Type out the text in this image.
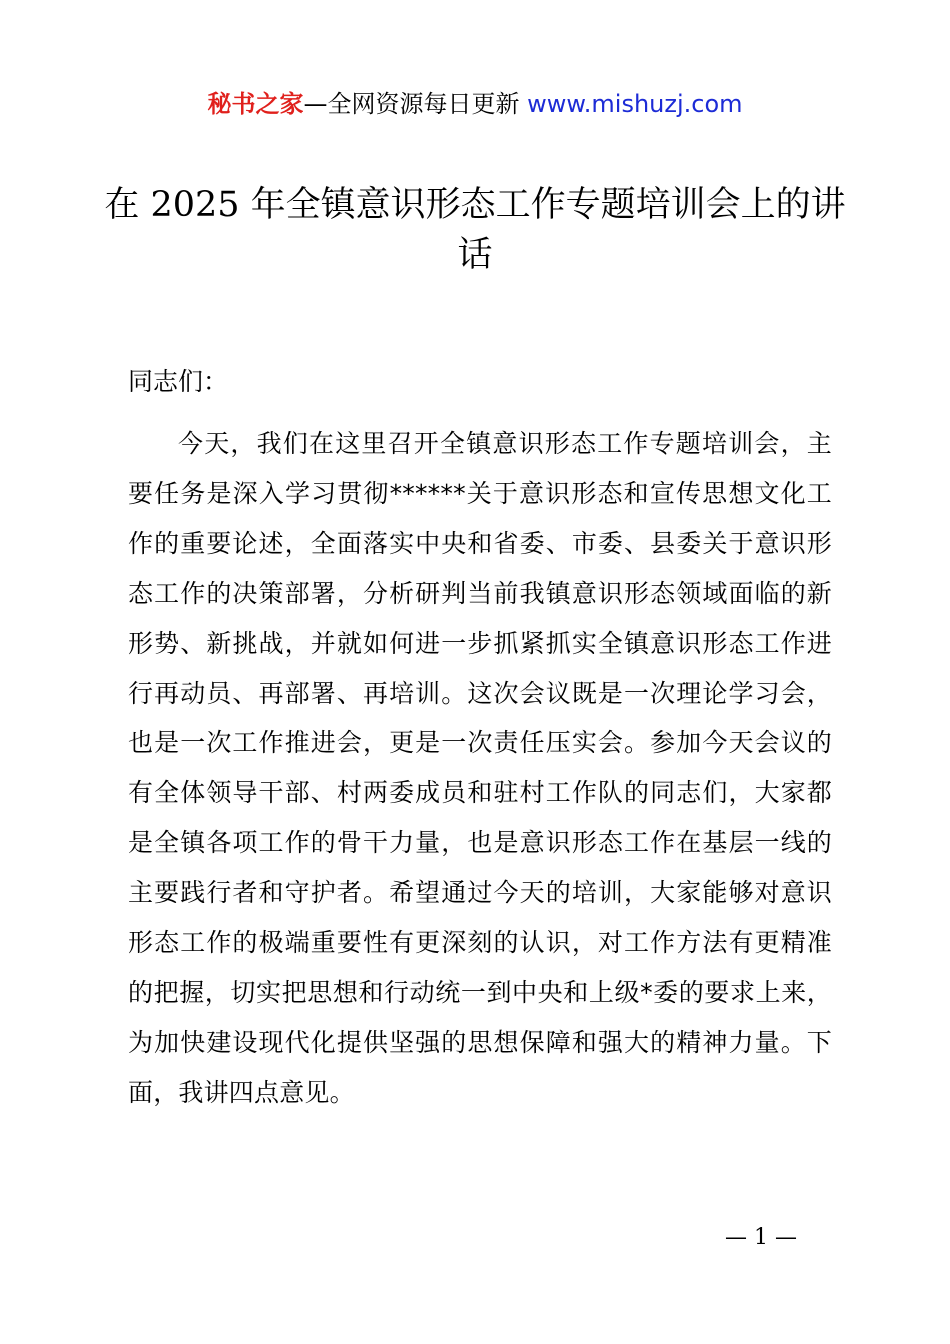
秘书之家—全网资源每日更新 www.mishuzj.com
在 2025 年全镇意识形态工作专题培训会上的讲话

同志们：

今天，我们在这里召开全镇意识形态工作专题培训会，主要任务是深入学习贯彻******关于意识形态和宣传思想文化工作的重要论述，全面落实中央和省委、市委、县委关于意识形态工作的决策部署，分析研判当前我镇意识形态领域面临的新形势、新挑战，并就如何进一步抓紧抓实全镇意识形态工作进行再动员、再部署、再培训。这次会议既是一次理论学习会，也是一次工作推进会，更是一次责任压实会。参加今天会议的有全体领导干部、村两委成员和驻村工作队的同志们，大家都是全镇各项工作的骨干力量，也是意识形态工作在基层一线的主要践行者和守护者。希望通过今天的培训，大家能够对意识形态工作的极端重要性有更深刻的认识，对工作方法有更精准的把握，切实把思想和行动统一到中央和上级*委的要求上来，为加快建设现代化提供坚强的思想保障和强大的精神力量。下面，我讲四点意见。

— 1 —
